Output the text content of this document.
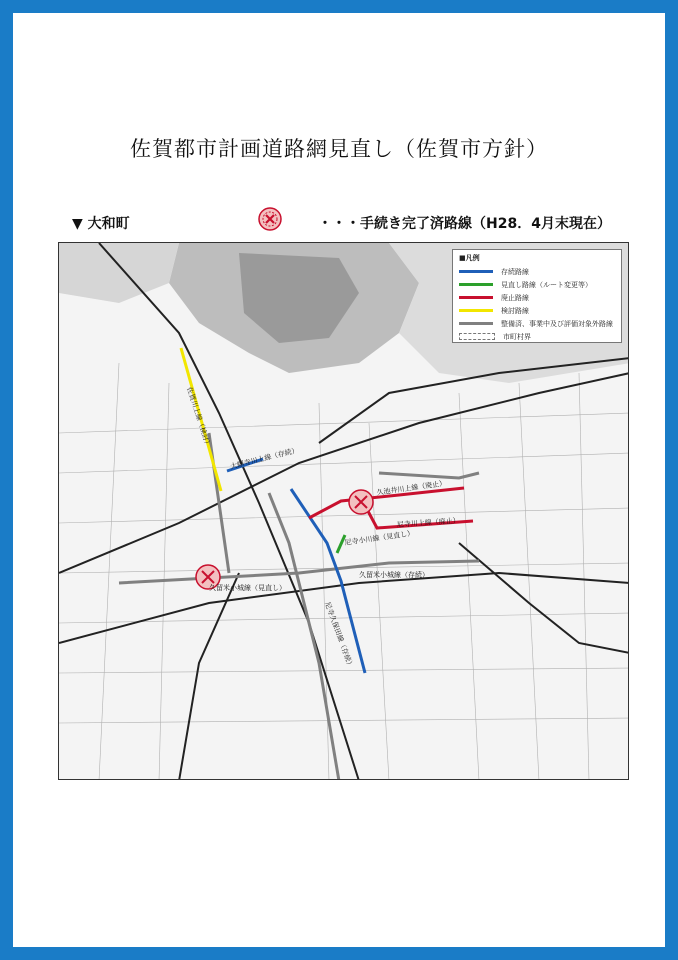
佐賀都市計画道路網見直し（佐賀市方針）
▼ 大和町	・・・手続き完了済路線（H28．4月末現在）
佐賀川上線（検討）
大願寺川上線（存続）
尼寺久保田線（存続）
久池井川上線（廃止）
尼寺川上線（廃止）
尼寺小川線（見直し）
久留米小城線（見直し）
久留米小城線（存続）
■凡例
存続路線
見直し路線（ルート変更等）
廃止路線
検討路線
整備済、事業中及び評価対象外路線
市町村界
